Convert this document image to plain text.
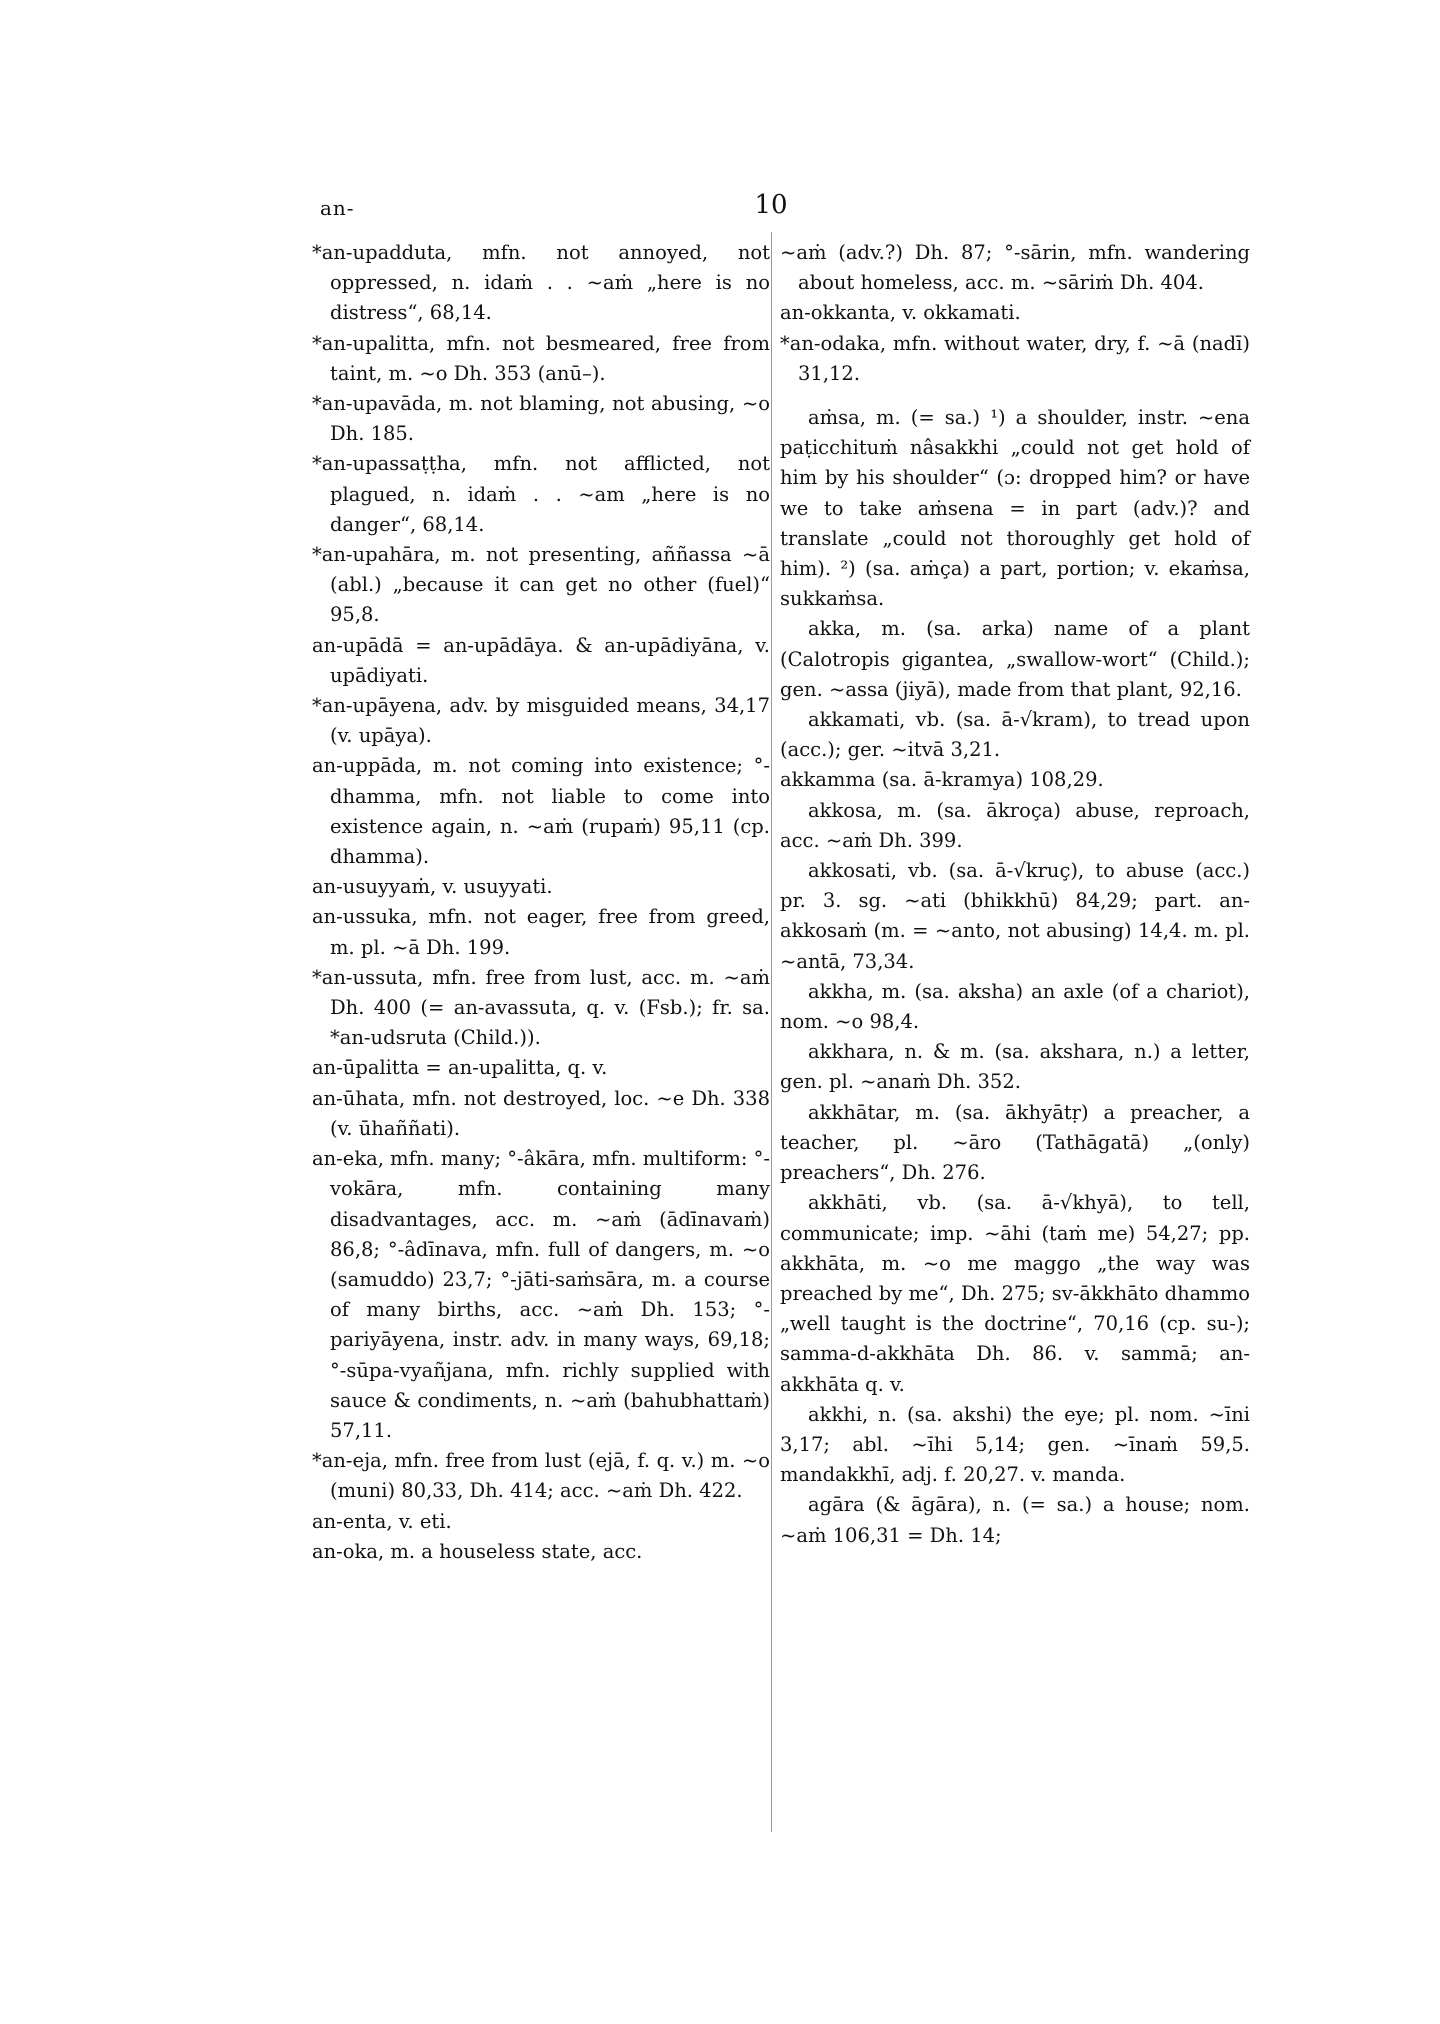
an-	10

*an-upadduta, mfn. not annoyed, not oppressed, n. idaṁ . . ~aṁ „here is no distress“, 68,14.

*an-upalitta, mfn. not besmeared, free from taint, m. ~o Dh. 353 (anū–).

*an-upavāda, m. not blaming, not abusing, ~o Dh. 185.

*an-upassaṭṭha, mfn. not afflicted, not plagued, n. idaṁ . . ~am „here is no danger“, 68,14.

*an-upahāra, m. not presenting, aññassa ~ā (abl.) „because it can get no other (fuel)“ 95,8.

an-upādā = an-upādāya. & an-upādiyāna, v. upādiyati.

*an-upāyena, adv. by misguided means, 34,17 (v. upāya).

an-uppāda, m. not coming into existence; °-dhamma, mfn. not liable to come into existence again, n. ~aṁ (rupaṁ) 95,11 (cp. dhamma).

an-usuyyaṁ, v. usuyyati.

an-ussuka, mfn. not eager, free from greed, m. pl. ~ā Dh. 199.

*an-ussuta, mfn. free from lust, acc. m. ~aṁ Dh. 400 (= an-avassuta, q. v. (Fsb.); fr. sa. *an-udsruta (Child.)).

an-ūpalitta = an-upalitta, q. v.

an-ūhata, mfn. not destroyed, loc. ~e Dh. 338 (v. ūhaññati).

an-eka, mfn. many; °-âkāra, mfn. multiform: °-vokāra, mfn. containing many disadvantages, acc. m. ~aṁ (ādīnavaṁ) 86,8; °-âdīnava, mfn. full of dangers, m. ~o (samuddo) 23,7; °-jāti-saṁsāra, m. a course of many births, acc. ~aṁ Dh. 153; °-pariyāyena, instr. adv. in many ways, 69,18; °-sūpa-vyañjana, mfn. richly supplied with sauce & condiments, n. ~aṁ (bahubhattaṁ) 57,11.

*an-eja, mfn. free from lust (ejā, f. q. v.) m. ~o (muni) 80,33, Dh. 414; acc. ~aṁ Dh. 422.

an-enta, v. eti.

an-oka, m. a houseless state, acc.

~aṁ (adv.?) Dh. 87; °-sārin, mfn. wandering about homeless, acc. m. ~sāriṁ Dh. 404.

an-okkanta, v. okkamati.

*an-odaka, mfn. without water, dry, f. ~ā (nadī) 31,12.

aṁsa, m. (= sa.) ¹) a shoulder, instr. ~ena paṭicchituṁ nâsakkhi „could not get hold of him by his shoulder“ (ɔ: dropped him? or have we to take aṁsena = in part (adv.)? and translate „could not thoroughly get hold of him). ²) (sa. aṁça) a part, portion; v. ekaṁsa, sukkaṁsa.

akka, m. (sa. arka) name of a plant (Calotropis gigantea, „swallow-wort“ (Child.); gen. ~assa (jiyā), made from that plant, 92,16.

akkamati, vb. (sa. ā-√kram), to tread upon (acc.); ger. ~itvā 3,21.

akkamma (sa. ā-kramya) 108,29.

akkosa, m. (sa. ākroça) abuse, reproach, acc. ~aṁ Dh. 399.

akkosati, vb. (sa. ā-√kruç), to abuse (acc.) pr. 3. sg. ~ati (bhikkhū) 84,29; part. an-akkosaṁ (m. = ~anto, not abusing) 14,4. m. pl. ~antā, 73,34.

akkha, m. (sa. aksha) an axle (of a chariot), nom. ~o 98,4.

akkhara, n. & m. (sa. akshara, n.) a letter, gen. pl. ~anaṁ Dh. 352.

akkhātar, m. (sa. ākhyātṛ) a preacher, a teacher, pl. ~āro (Tathāgatā) „(only) preachers“, Dh. 276.

akkhāti, vb. (sa. ā-√khyā), to tell, communicate; imp. ~āhi (taṁ me) 54,27; pp. akkhāta, m. ~o me maggo „the way was preached by me“, Dh. 275; sv-ākkhāto dhammo „well taught is the doctrine“, 70,16 (cp. su-); samma-d-akkhāta Dh. 86. v. sammā; an-akkhāta q. v.

akkhi, n. (sa. akshi) the eye; pl. nom. ~īni 3,17; abl. ~īhi 5,14; gen. ~īnaṁ 59,5. mandakkhī, adj. f. 20,27. v. manda.

agāra (& āgāra), n. (= sa.) a house; nom. ~aṁ 106,31 = Dh. 14;
